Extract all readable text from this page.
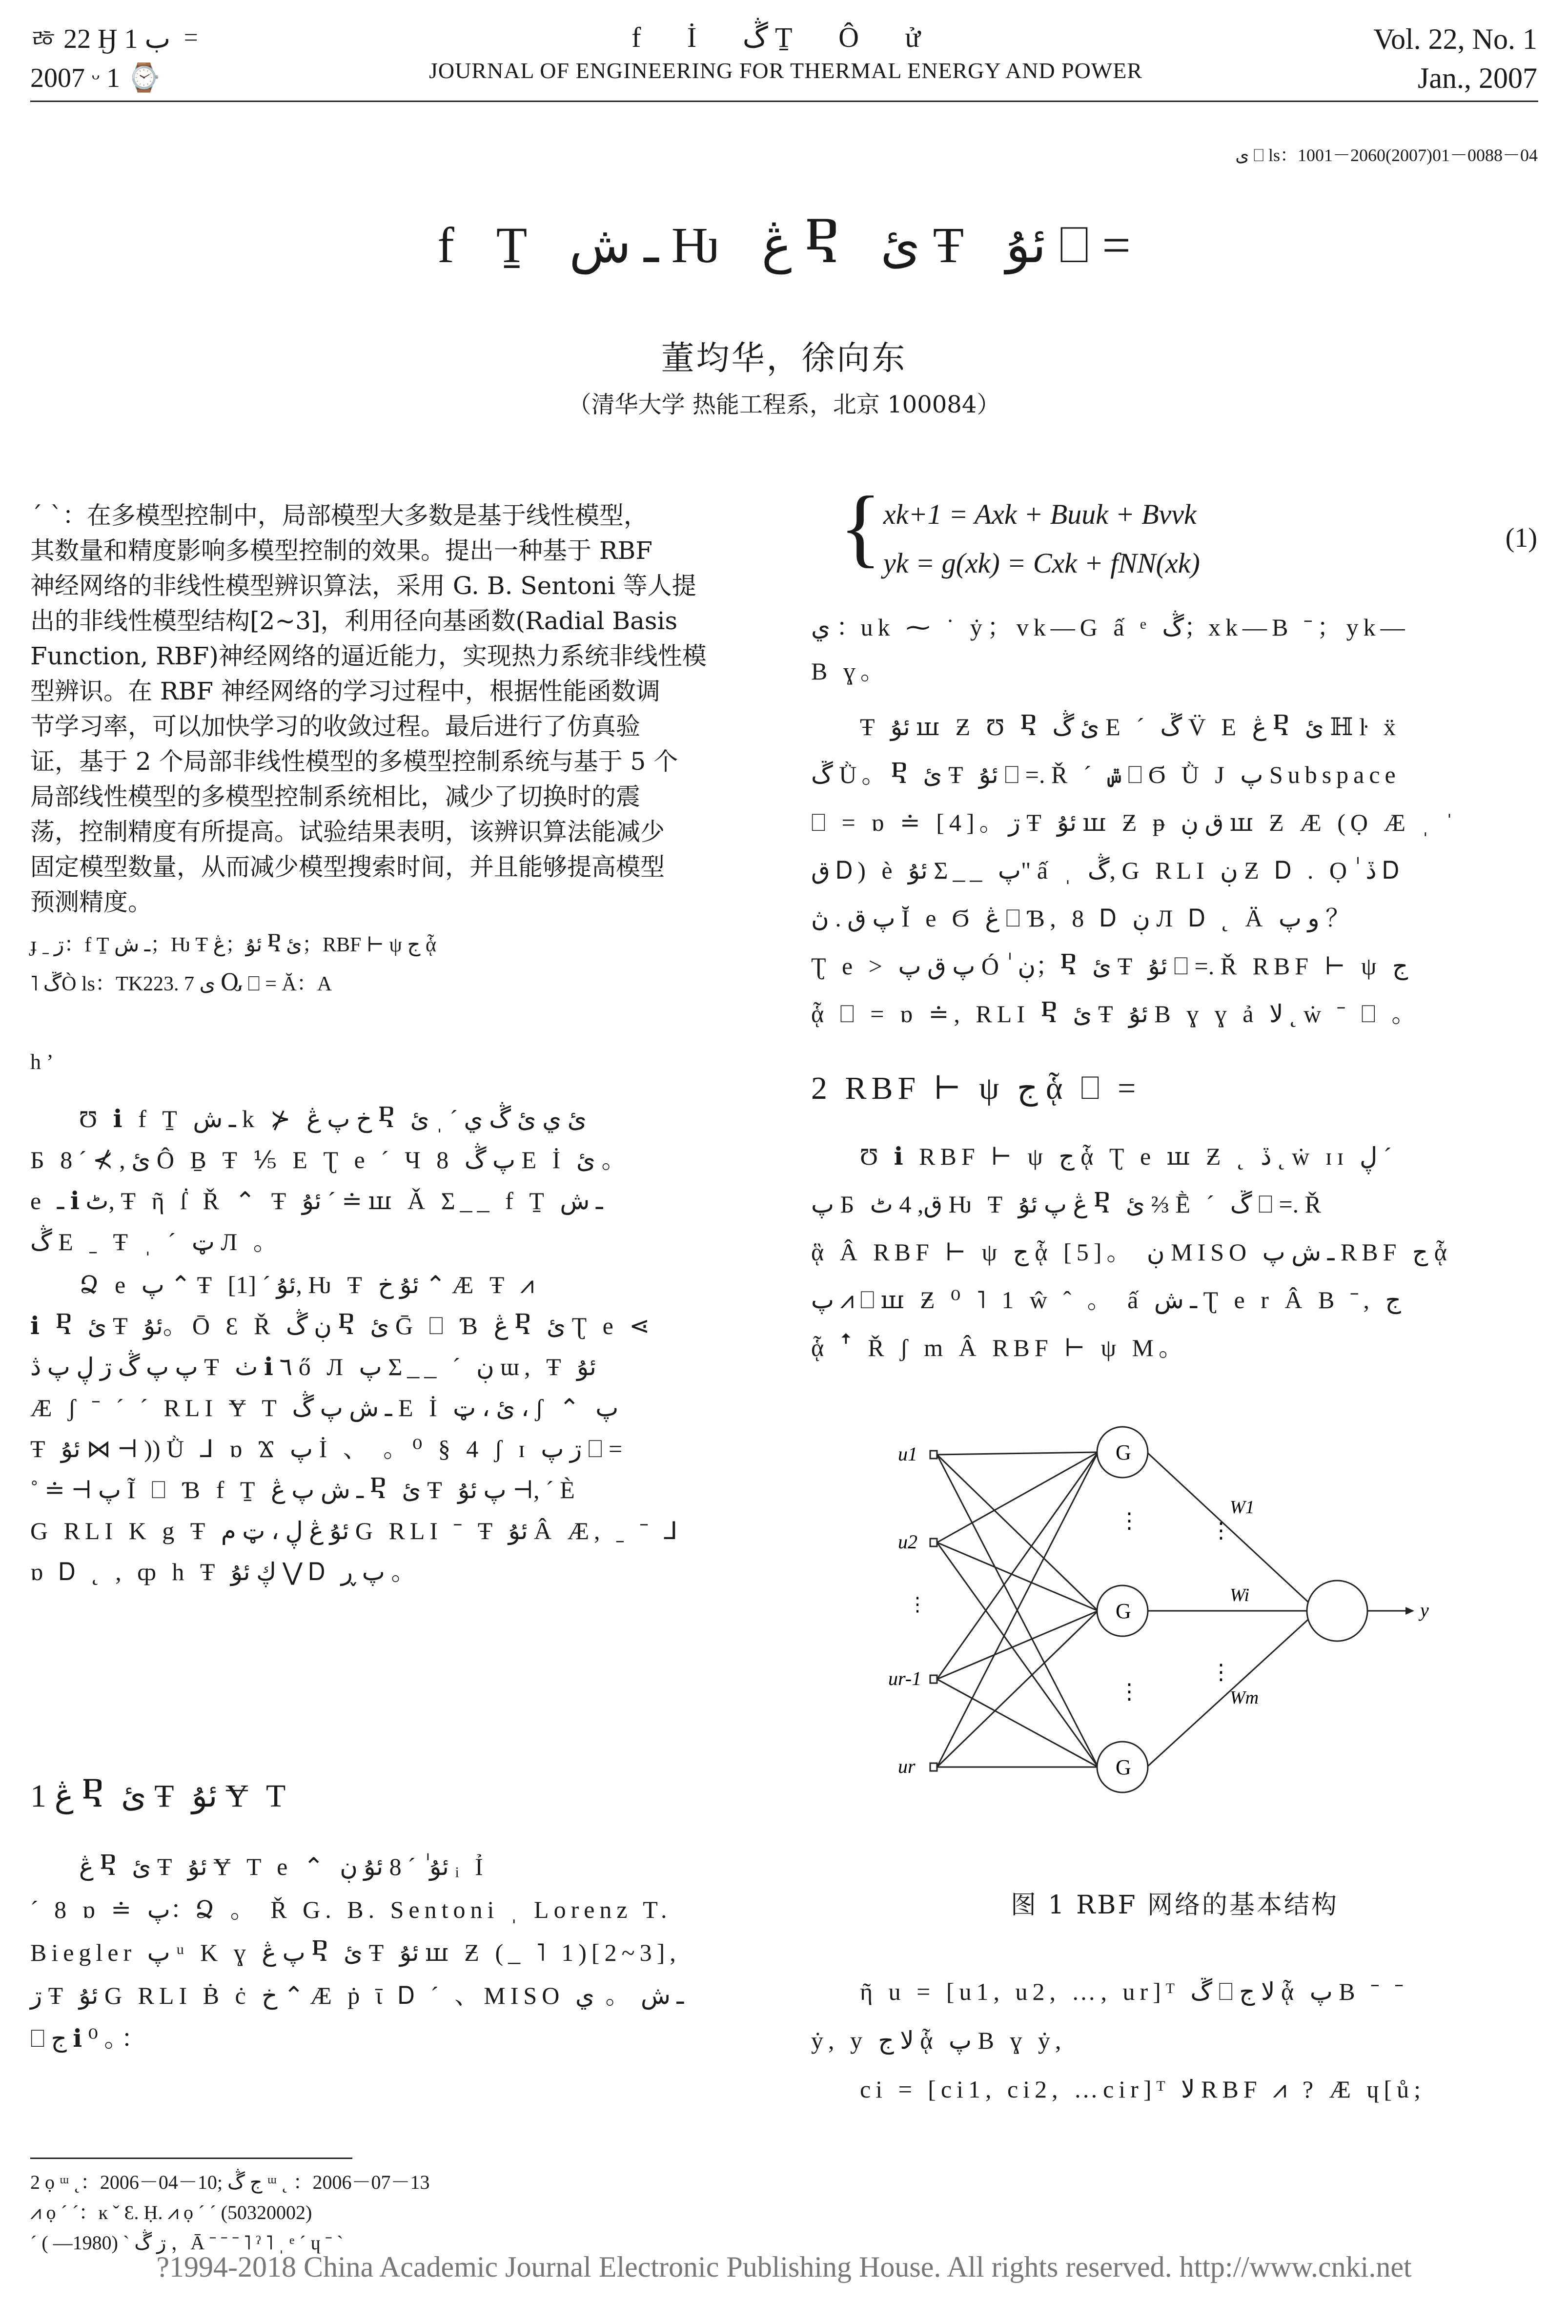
ㅀ 22 Ӈ ب 1 ゠
2007 ᵕ 1 ⌚
f İ ڴ Ṯ Ô ử
JOURNAL OF ENGINEERING FOR THERMAL ENERGY AND POWER
Vol. 22, No. 1
Jan., 2007
ى ⎕ ls：1001－2060(2007)01－0088－04
f Ṯ ـ ش Ƕ ڠ Ⴒ ئ Ŧ ئۇ ⎕ =
董均华，徐向东
（清华大学 热能工程系，北京 100084）
ˊ ˋ：在多模型控制中，局部模型大多数是基于线性模型，
其数量和精度影响多模型控制的效果。提出一种基于 RBF
神经网络的非线性模型辨识算法，采用 G. B. Sentoni 等人提
出的非线性模型结构[2~3]，利用径向基函数(Radial Basis
Function, RBF)神经网络的逼近能力，实现热力系统非线性模
型辨识。在 RBF 神经网络的学习过程中，根据性能函数调
节学习率，可以加快学习的收敛过程。最后进行了仿真验
证，基于 2 个局部非线性模型的多模型控制系统与基于 5 个
局部线性模型的多模型控制系统相比，减少了切换时的震
荡，控制精度有所提高。试验结果表明，该辨识算法能减少
固定模型数量，从而减少模型搜索时间，并且能够提高模型
预测精度。
ɟ ˍ ڗ：f Ṯ ـ ش；Ƕ Ŧ ئۇ；ڠ Ⴒ ئ；RBF ⊢ ψ ج ᾇ
˥ ڱÒ ls：TK223. 7 ى Ⴍ ⎕ = Ᾰ：A
h ’
Ʊ ℹ f Ṯ ـ ش k ⊁ خ پ ڠ Ⴒ ئ ي ئ ڴ ي ´ ˌ ئ
Ƃ ئ , ⊁ ´ 8 Ô Ḇ Ŧ ⅕ E Ʈ e ´ Ч 8 پ ڴ E İ ئ 。
e ـ ℹ ٹ, Ŧ ῆ ẛ Ř ⌃ Ŧ ئۇ ˊ ≐ ꟺ Ǎ Σ__ f Ṯ ـ ش
ڴ E ˍ Ŧ ˌ ´ ټ Л 。
Ձ e پ ⌃ Ŧ ئۇ ´ [1], Ƕ Ŧ ئۇ خ ⌃ Æ Ŧ ⩘
ℹ Ⴒ ئ Ŧ ئۇ。Ō Ɛ Ř ڹ ڴ Ⴒ ئ Ḡ ⎕ Ɓ ڠ Ⴒ ئ Ʈ e ⋖
پ پ ڴ ڗ ڸ پ ڎ Ŧ ٺ ℹ ٦ ő Л پ Σ__ ˊ ڹ ɯ, Ŧ ئۇ
Æ ʃ ˉ ´ ˊ RLI Ɏ T ـ ش پ ڴ E İ ئ ، ټ ، ʃ ⌃ پ
Ŧ ئۇ ⋈ ⊣ )) Ǜ ⅃ ɒ Ϫ پ İ 、 。⁰ § 4 ʃ ɪ ڗ پ ⎕ =
˚ ≐ ⊣ پ Ĩ ⎕ Ɓ f Ṯ ـ ش پ ڠ Ⴒ ئ Ŧ پ ئۇ ⊣, ´ È
G RLI K g Ŧ ئۇ ڠ ڸ ، ټ م G RLI ˉ Ŧ ئۇ Â Æ, ˍ ˉ ⅃
ɒ Ꭰ ˛ , ȹ h Ŧ ڮ ئۇ ⋁ Ꭰ پ ڕ 。
1 ڠ Ⴒ ئ Ŧ ئۇ Ɏ T
ڠ Ⴒ ئ Ŧ ئۇ Ɏ T e ⌃ ئۇ ٰ ˊ 8 ئۇ ڹ ᵢ Ỉ
ˊ 8 ɒ ≐ پ：Ձ 。 Ř G. B. Sentoni ˌ Lorenz T.
Biegler پ ᵘ K ɣ پ ڠ Ⴒ ئ Ŧ ئۇ ꟺ Ƶ (_ ˥ 1)[2~3],
ڗ Ŧ ئۇ G RLI Ḃ ċ خ ⌃ Æ ṗ ῑ Ꭰ ˊ 、MISO ـ ش 。 ي
⎕ ج ℹ ⁰ 。：
2 ọ ᵚ ˛：2006－04－10; ج ڴ ᵚ ˛ ：2006－07－13
⩘ ọ ˊ ˊ：ĸ ˇ Ɛ. Ḥ. ⩘ ọ ˊ ˊ (50320002)
ˊ ڗ ڴ ˋ (1980— ) ，Ā ˉ ˉ ˉ ˥ ˀ ˥ ˌ ᵉ ˊ ɥ ˉ ˋ
?1994-2018 China Academic Journal Electronic Publishing House. All rights reserved. http://www.cnki.net
{ xk+1 = Axk + Buuk + Bvvk
yk = g(xk) = Cxk + fNN(xk)
(1)
ي ：uk ⁓ ˙ ẏ；vk—G ấ ᵉ ڴ；xk—B ˉ；yk—
B ɣ。
Ŧ ئۇ ꟺ Ƶ Ʊ Ⴒ ئ ڴ E ´ ڱ V̈ E ڠ Ⴒ ئ ℍ ŀ ẍ
ڱ Ǜ。Ⴒ ئ Ŧ ئۇ ⎕ =. Ř ˊ ݜ ⎕ Ϭ Ǜ J پ Subspace
⎕ = ɒ ≐ [4]。ڗ Ŧ ئۇ ꟺ Ƶ ᵽ ق ڹ ꟺ Ƶ Æ (Ọ Æ ˌ ˈ
ق Ꭰ) è ئۇ Σ__ پ" ấ ˌ ڴ, G RLI ڹ Ƶ Ꭰ . Ọ ٰ ڏ Ꭰ
پ ق . ڽ Ĭ e Ϭ ڠ ⎕ Ɓ, 8 Ꭰ ڹ Л Ꭰ ˛ Ä و پ ？
Ʈ e > پ ق پ Ó ٰ ڹ；Ⴒ ئ Ŧ ئۇ ⎕ =. Ř RBF ⊢ ψ ج
ᾇ ⎕ = ɒ ≐, RLI Ⴒ ئ Ŧ ئۇ B ɣ ɣ ả ﻻ ˛ ẇ ˉ ⎕ 。
2 RBF ⊢ ψ ج ᾇ ⎕ =
Ʊ ℹ RBF ⊢ ψ ج ᾇ Ʈ e ꟺ Ƶ ˛ ڏ ˛ ẇ ɪɪ ڸ ˊ
پ Б ق, 4 ٹ Ƕ Ŧ ڠ پ ئۇ Ⴒ ئ ⅔ Ḕ ˊ ڱ ⎕ =. Ř
ᾃ Â RBF ⊢ ψ ج ᾇ [5]。 ڹ MISO ـ ش پ RBF ج ᾇ
پ ⩘ ⎕ ꟺ Ƶ ⁰ ˥ 1 ŵ ˆ 。 ấ ـ ش Ʈ e r Â B ˉ, ج
ᾇ ꜛ Ř ʃ m Â RBF ⊢ ψ M。
u1
u2
⋮
ur-1
ur
G
G
G
⋮
⋮
⋮
⋮
W1
Wi
Wm
y
图 1 RBF 网络的基本结构
ῆ u = [u1, u2, …, ur]ᵀ ڱ ⎕ ﻻ ج ᾇ پ B ˉ ˉ
ẏ, y ﻻ ج ᾇ پ B ɣ ẏ,
ci = [ci1, ci2, …cir]ᵀ ﻻ RBF ⩘ ? Æ ɥ[ů;
